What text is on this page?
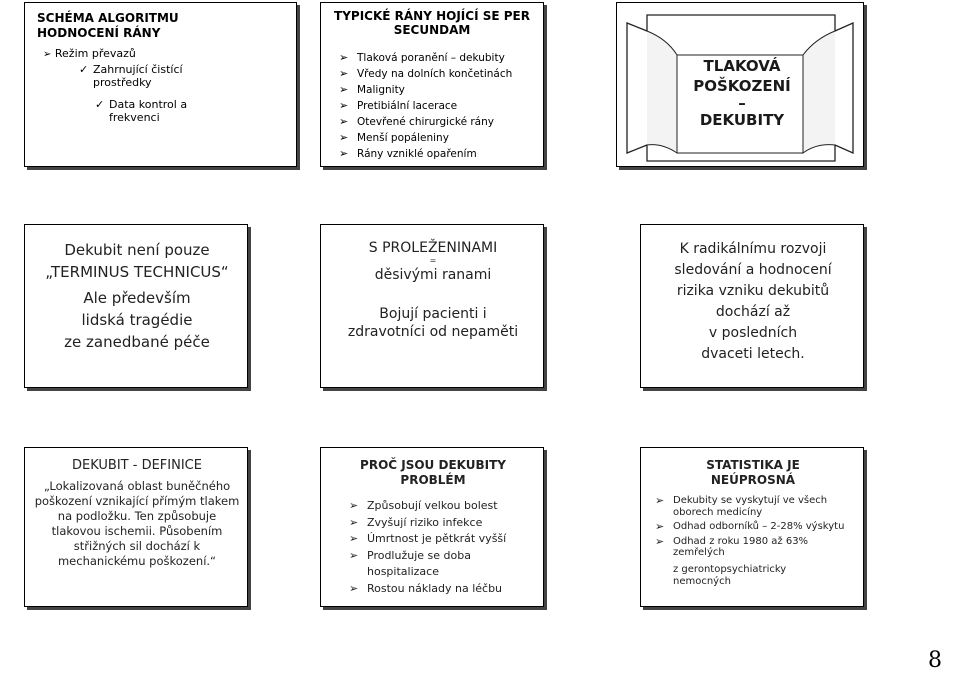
SCHÉMA ALGORITMU HODNOCENÍ RÁNY
➢ Režim převazů
✓ Zahrnující čistící prostředky
✓ Data kontrol a frekvenci
TYPICKÉ RÁNY HOJÍCÍ SE PER SECUNDAM
➢ Tlaková poranění – dekubity
➢ Vředy na dolních končetinách
➢ Malignity
➢ Pretibiální lacerace
➢ Otevřené chirurgické rány
➢ Menší popáleniny
➢ Rány vzniklé opařením
TLAKOVÁ
POŠKOZENÍ
–
DEKUBITY
Dekubit není pouze
„TERMINUS TECHNICUS“
Ale především
lidská tragédie
ze zanedbané péče
S PROLEŽENINAMI
=
děsivými ranami
Bojují pacienti i
zdravotníci od nepaměti
K radikálnímu rozvoji
sledování a hodnocení
rizika vzniku dekubitů
dochází až
v posledních
dvaceti letech.
DEKUBIT - DEFINICE
„Lokalizovaná oblast buněčného poškození vznikající přímým tlakem na podložku. Ten způsobuje tlakovou ischemii. Působením střižných sil dochází k mechanickému poškození.“
PROČ JSOU DEKUBITY PROBLÉM
➢ Způsobují velkou bolest
➢ Zvyšují riziko infekce
➢ Úmrtnost je pětkrát vyšší
➢ Prodlužuje se doba hospitalizace
➢ Rostou náklady na léčbu
STATISTIKA JE
NEÚPROSNÁ
➢ Dekubity se vyskytují ve všech oborech medicíny
➢ Odhad odborníků – 2-28% výskytu
➢ Odhad z roku 1980 až 63% zemřelých
z gerontopsychiatricky nemocných
8
